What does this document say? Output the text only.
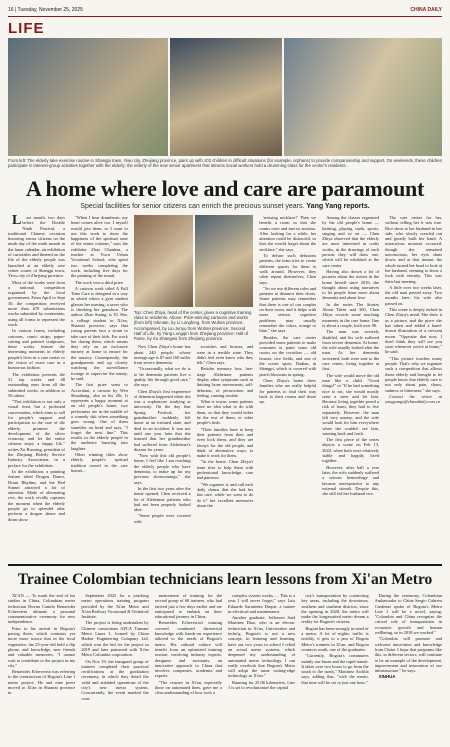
16 | Tuesday, November 25, 2025	CHINA DAILY
LIFE
From left: The elderly take exercise routine in Shangpi town, Yiwu city, Zhejiang province, pairs up with 102 children in difficult situations (for example, orphans) to provide companionship and support. On weekends, these children participate in interest-group activities together with the elderly; the elderly of the new senior apartment that attracts social workers hold a drumming class for the center's residents.
A home where love and care are paramount
Special facilities for senior citizens can enrich the precious sunset years. Yang Yang reports.

Last month, two days before the Double Ninth Festival, a traditional Chinese occasion honoring senior citizens on the ninth day of the ninth month in the lunar calendar, an exhibition of curiosities and themed on the life of the elderly people was launched at an elderly care center corner of Shangpi town, Yiwu city of Zhejiang province.

Most of the works were from a national competition organized by the local government. From April to Sept 30, the competition received more than 670 submissions works submitted by contestants, using all forms to represent the work.

In various forms, including cartoons, comic strips, paper-cutting and painted sculptures, these works feature the interesting moments in elderly people's lives in a care center or the vision of exact care in a humorous fashion.

The exhibition presents the 51 top works and 48 outstanding ones from all the submitted works, in addition to 56 others.

"This exhibition is not only a visual feast, but a profound conversation, which aims to call for people's support and participation in the care of the elderly, promote the development of the silver economy and let the entire citizens enjoy a happy life," writes Xu Ruoxing, president of the Zhejiang Elderly Service Industry Association, in a preface for the exhibition.

In the exhibition, a painting feature titled Dragon Dance, Drum Rhythm, and the Red Sunset attracted a lot of attention. Made of alternating rice, the work vividly captures the moment when the elderly people go to splendid after perform a dragon dance and drum show.

"When I hear drumbeats, my heart comes alive too. I myself would join them, so I want to use this work to show the happiness of the spiritual state of the senior citizens," says the exhibitor Zhao Chunhua, a teacher at Yiwu Urban Vocational School, who spent two weeks completing the work, including five days for the painting of the mural.

The work won a third prize.

A cartoon work titled A Full Time Care is designed in a way in which where a gym student glasses her nursing, a saver who is checking her grandson. The author, Zhao Suting, is 19. She, a college student in Xi'an, Shaanxi province, says that young parents face a strain to take care of their kids. For work her during them, which means they rely on an exclusive nursery at home to ensure for the nursery. Consequently, the grandparents end up closely watching the surveillance footage to supervise the nanny, he said.

The first prize went to Accordant, a cartoon by Wen Shuaihang, also in his 20s. It represents a happy moment at an old people's home, two performers are in the middle of a comedy skit when something goes wrong. One of them stumbles on head and says, "I forgot the next line." This results in the elderly people in the audience bursting into laughter.

Other winning titles show elderly people's spritual tradition rooted in the care homes...

Top: Chen Zhiya, head of the center, gives a cognitive training class to residents. Above: Prize-winning cartoons and works (from left) Intimate, by Li Longfeng, from Wuhan province; Accompanied, by Liu Junyu from Wuhan province; Second Half of Life, by Yang Longqin from Zhejiang province; Hall of Fame, by Xu Shangwu from Zhejiang province.

Now Chen Zhiya's home has about 240 people, whose average age is 87 and 160 suffer from severe dementia.

"Occasionally, what we do is to let dementia patients live a quality life through good care," she says.

Chen Zhiya's first experience of dementia happened when she was a sophomore studying at university. On the day that Spring Festival, her grandmother suddenly left home in an irritated state, and died in an accident. It was not until one year later that she learned that her grandmother had suffered from Alzheimer's disease for years.

"Now with this old people's home, I feel like I am reaching the elderly people who have dementia, to make up for my previous shortcomings," she says.

In the first two years after the home opened, Chen received a lot of Alzheimer patients who had not been properly looked after.

"Some people were covered with

scratches and bruises, and were in a terrible state. They didn't feel even know who they felt," Chen says.

Besides memory loss, late-stage Alzheimer patients display other symptoms such as limiting bone movements, self-delusion, of persecution and feeling, causing trouble.

What is worse, some patients have no idea what to do with them, so that they would either be the rest of them, or other people's beds.

"Their families have to keep their patients from their and even lock them, and they are always for the old people, and think of alternative ways, to make it work for them.

"In the home, Chen Zhiya's team tries to help them with professional knowledge, care and patience.

"We organize it, and call each daily claims that she had her last care, while we went to do do it" her excellent memories about the

'missing necklace!' Then we benefit a room so that she roams once and met us anxious. After looking for a while, her attention could be distracted, so that she would forget about the necklace," she says.

To defuse such delusions patients, the team tries to create different spaces for them to walk around. However, they often repeat themselves, Chen says.

"So we use different rules and patterns to distance their doors. Some patients may remember that there is one of our couples on their room, and it helps with more serious cognitive problems may usually remember the colors, orange or blue," she says.

Besides, the care center provided some patients to make costumes or paint some old curios on the corridors — old houses, rice fields, and one of the scenic spots, Dadian, in Shangpi, which is covered with peach blossoms in spring.

Chen Zhiya's home drew families who are really helpful for patients to find their way back to their rooms and shore up.

Among the classes organized by the old people's home — knitting, playing cards, sports, singing and so on — Chen Zhiya observed that the elderly are most interested in crafts works, in the drawings of each person, they will draw one, which will be exhibited at the care center.

Having also drawn a lot of pictures about the stories in the home herself since 2016, she thought about using narratives to let people learn more about dementia and about love.

In the series The Stories About Three and 300, Chen Zhiya records some touching moments in the care home. One is about a couple, both over 90.

The man was severely disabled, and his wife suffered from severe dementia. At home, the wife usually looked after the man. As her dementia worsened, both were sent to the care center, living together at first.

The wife would move the old man like a child. "Good things!" or "If he had something nice to eat, she would mostly raise a steer and bit him. Because living together posed a risk of harm, they had to live separately. However, the man felt very uneasy, and the wife would look for him everywhere when she couldn't see him, wanting back and forth.

The first piece of the series depicts a scene on Feb 13, 2024, when both were relatively stable and happily lived together.

However, after half a year later, the wife suddenly suffered a serious hemorrhage and became unresponsive to any external stimuli. Despite this, she still fed her husband rice.

The care center for her, without telling her it was true. Rice shots to her husband in her side, who slowly crawled out and greatly built her hand. A miraculous moment occurred, though she remained unconscious, her eyes shuts down, and at that instant, the whole turned her head to look at her husband, seeming to show a look with eternity. This was their last meeting.

A little over two weeks later, the old man passed away. Two months later, his wife also passed on.

This scene is deeply etched in Chen Zhiya's mind. She drew it as a picture, and the piece she has taken and added a hand-drawn illustration of a crescent moon. "Opposite that now, I don't think they will see you soon whenever you're at home," he said.

"This picture touches many people. That's why we organize such a competition that allows those elderly and brought to let people know that elderly care is not only about pain, chaos, sadness or bitterness," she says.

Contact the writer at yangyangs@chinadaily.com.cn

Trainee Colombian technicians learn lessons from Xi'an Metro

XI'AN — To mark the end of his studies in China, Colombian metro technician Duvan Camilo Benavides Echeverria ultimate a personal commemorative ceremony for new independence.

Prior to his arrival in Bogota's pacing three, which contrasts yes more more scarce that in the local vegetative, the 25-year-old held a flip phone, and knowledge, new friends and valuable memories. "I cannot wait to contribute to the project in my city."

Benavides Echeverria was referring to the construction of Bogota's Line 1 metro project. He and nine peers moved to Xi'an in Shaanxi province in

September 2025 for a yearlong metro operations training program provided by the Xi'an Metro and Xi'an Railway Vocational & Technical Institute.

The project is being undertaken by Chinese consortium APCA Transmi Metro Linea 1, formed by China Harbor Engineering Company Ltd, which won the bid for the project in 2019 and later partnered with Xi'an Metro Colombia corporation.

On Nov 19, the inaugural group of trainees completed their practical certifications at the graduation ceremony, in which they detail the valid and attended operations of the city's new metro system. Concurrently, the event marked the com-

mencement of training for the second group of 60 trainees, who had arrived just a few days earlier and are anticipated to embark on their educational journey in China.

Benavides Echeverria's training covered combined theoretical knowledge with hands-on experience tailored to the needs of Bogota's metro. His cultural culture will benefit from an optimized training session, involving industry experts, designers and assistants, an innovative approach to China that involves companies, academia and experts.

"The courses in Xi'an, especially those on automated lines, gave me a clear understanding of how such a

complex system works. ... This is a year I will never forget," says Luis Eduardo Sarmiento Duque, a trainee in electrical and maintenance.

Another graduate, Jefferson Said Martinez Diaz, who is an electric technician in Xi'an, Universities and techn'g. Bogota's is not a new concept, in learning and learning, have our two years in school I relied on actual metro systems, which deepened my understanding of automated metro technology. I can really overlook that Bogota's Metro will adopt the same cutting-edge technology as Xi'an."

Running for 25.06 kilometers, Line 1 is set to revolutionize the capital

city's transportation by connecting key areas, including the downtown, southern and southern districts, since the opening in 2028, the metro will make the longawaited metro dream a reality for Bogota's citizens.

Bogota has been strongly in need of a metro. A lot of nights, traffic is terribly, it gets to a jam of Bogota Metro's trainees in Xi'an, and Bogota connects south, one of the graduates.

"Currently, Bogota's commuters mainly use buses and the rapid transit. It takes over two hours to go from the south to the north," Martinez Archila says, adding that, "with the metro, that time will be cut to just one hour."

During the ceremony, Colombian Ambassador to China Sergio Cabrera Cardenas spoke of Bogota's Metro Line 1 will be a novel, saying, "Colombia and China recognize the critical role of transportation in economic growth and human wellbeing, so in 2018 we worked."

"Colombia will promote and welcome innovation and knowledge from China. I hope that programs like this, in different sectors, will continue to be an example of the development, improvement and innovation of our infrastructure," he says.

XINHUA
